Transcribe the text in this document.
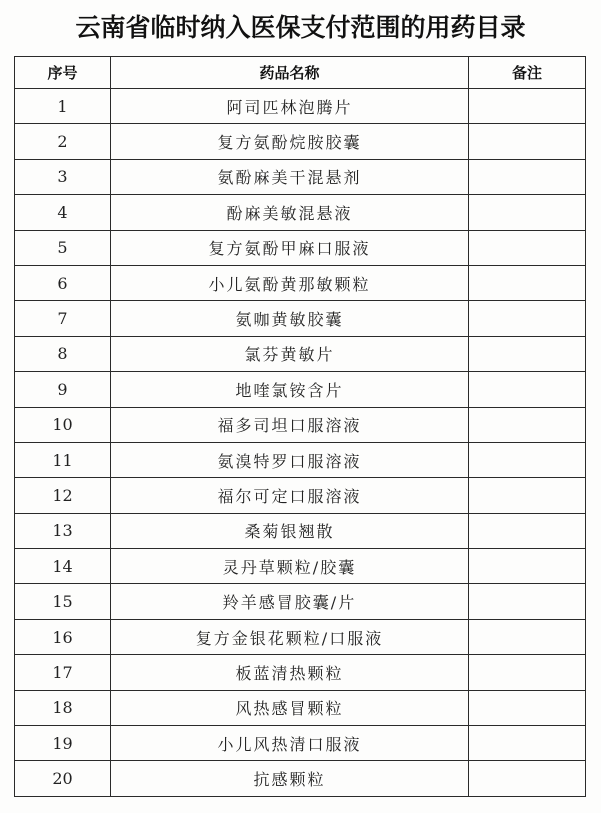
云南省临时纳入医保支付范围的用药目录
序号	药品名称	备注
1	阿司匹林泡腾片	
2	复方氨酚烷胺胶囊	
3	氨酚麻美干混悬剂	
4	酚麻美敏混悬液	
5	复方氨酚甲麻口服液	
6	小儿氨酚黄那敏颗粒	
7	氨咖黄敏胶囊	
8	氯芬黄敏片	
9	地喹氯铵含片	
10	福多司坦口服溶液	
11	氨溴特罗口服溶液	
12	福尔可定口服溶液	
13	桑菊银翘散	
14	灵丹草颗粒/胶囊	
15	羚羊感冒胶囊/片	
16	复方金银花颗粒/口服液	
17	板蓝清热颗粒	
18	风热感冒颗粒	
19	小儿风热清口服液	
20	抗感颗粒	
